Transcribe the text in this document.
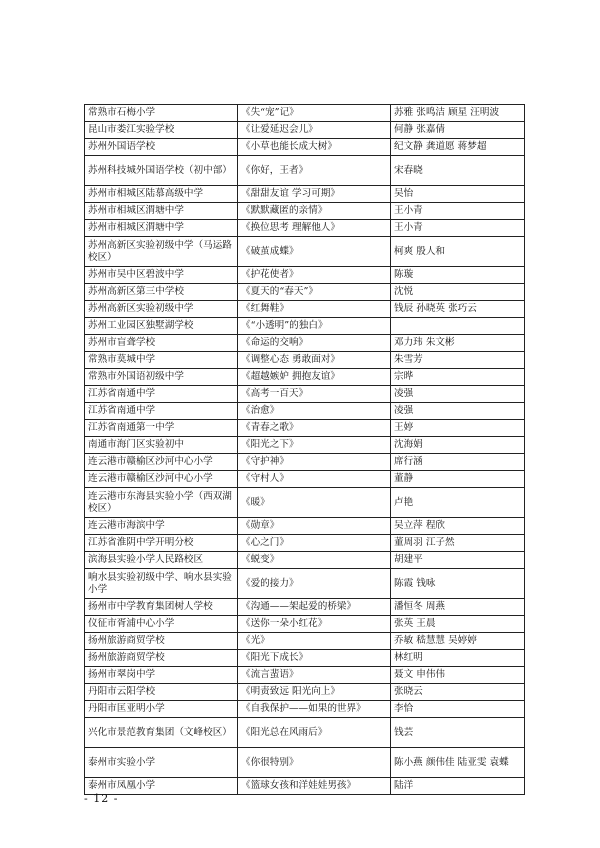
常熟市石梅小学	《失“宠”记》	苏雅 张鸣洁 顾星 汪明波
昆山市娄江实验学校	《让爱延迟会儿》	何静 张嘉倩
苏州外国语学校	《小草也能长成大树》	纪文静 龚道愿 蒋梦超
苏州科技城外国语学校（初中部）	《你好，王者》	宋春晓
苏州市相城区陆慕高级中学	《甜甜友谊 学习可期》	吴怡
苏州市相城区渭塘中学	《默默藏匿的亲情》	王小青
苏州市相城区渭塘中学	《换位思考 理解他人》	王小青
苏州高新区实验初级中学（马运路校区）	《破茧成蝶》	柯爽 殷人和
苏州市吴中区碧波中学	《护花使者》	陈璇
苏州高新区第三中学校	《夏天的“春天”》	沈悦
苏州高新区实验初级中学	《红舞鞋》	钱辰 孙晓英 张巧云
苏州工业园区独墅湖学校	《“小透明”的独白》	
苏州市盲聋学校	《命运的交响》	邓力玮 朱文彬
常熟市莫城中学	《调整心态 勇敢面对》	朱雪芳
常熟市外国语初级中学	《超越嫉妒 拥抱友谊》	宗晔
江苏省南通中学	《高考一百天》	凌强
江苏省南通中学	《治愈》	凌强
江苏省南通第一中学	《青春之歌》	王婷
南通市海门区实验初中	《阳光之下》	沈海娟
连云港市赣榆区沙河中心小学	《守护神》	席行涵
连云港市赣榆区沙河中心小学	《守村人》	董静
连云港市东海县实验小学（西双湖校区）	《暖》	卢艳
连云港市海滨中学	《勋章》	吴立萍 程欣
江苏省淮阴中学开明分校	《心之门》	董周羽 江子然
滨海县实验小学人民路校区	《蜕变》	胡建平
响水县实验初级中学、响水县实验小学	《爱的接力》	陈霞 钱咏
扬州市中学教育集团树人学校	《沟通——架起爱的桥梁》	潘恒冬 周燕
仪征市胥浦中心小学	《送你一朵小红花》	张英 王晨
扬州旅游商贸学校	《光》	乔敏 嵇慧慧 吴婷婷
扬州旅游商贸学校	《阳光下成长》	林红明
扬州市翠岗中学	《流言蜚语》	聂文 申伟伟
丹阳市云阳学校	《明责致远 阳光向上》	张晓云
丹阳市匡亚明小学	《自我保护——如果的世界》	李恰
兴化市景范教育集团（文峰校区）	《阳光总在风雨后》	钱芸
泰州市实验小学	《你很特别》	陈小燕 颜伟佳 陆亚雯 袁蝶
泰州市凤凰小学	《篮球女孩和洋娃娃男孩》	陆洋
- 12 -
